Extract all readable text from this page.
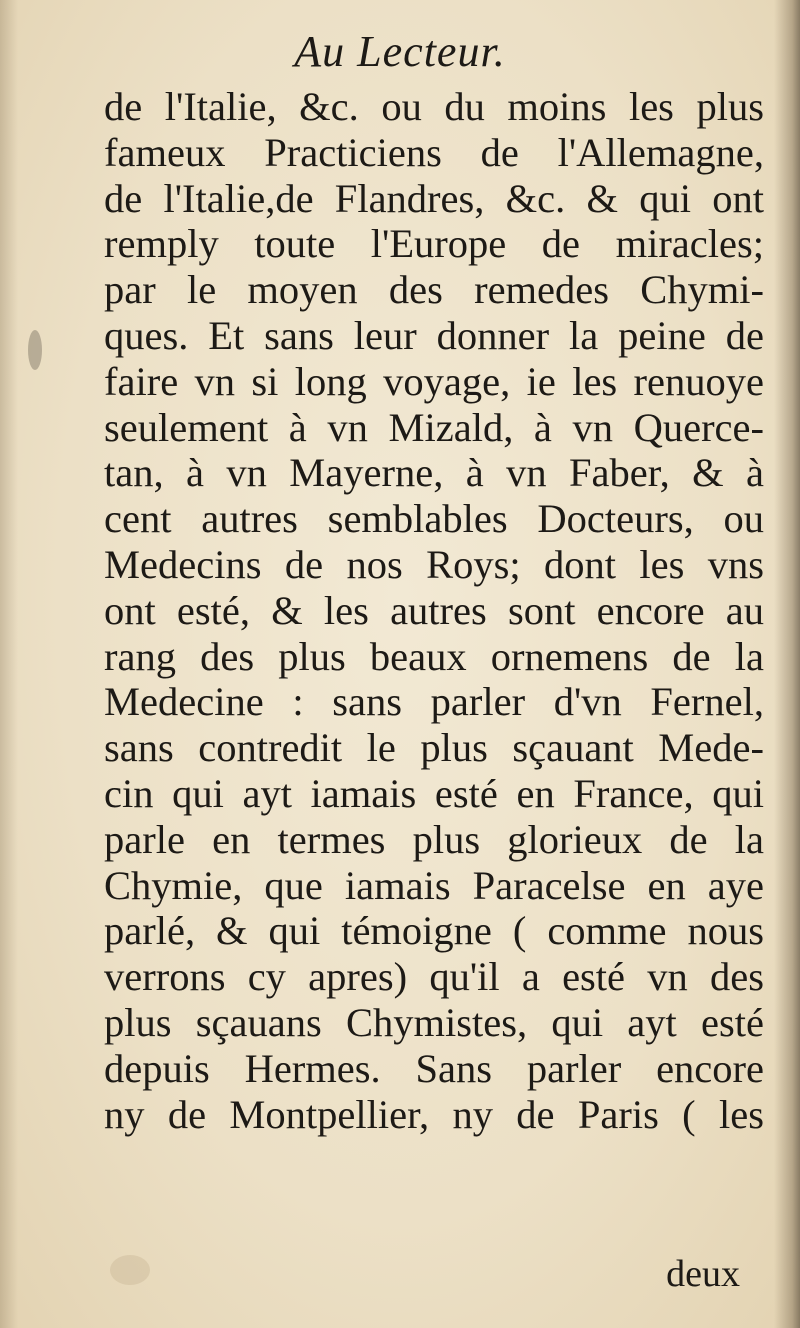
Au Lecteur.
de l'Italie, &c. ou du moins les plus
fameux Practiciens de l'Allemagne,
de l'Italie,de Flandres, &c. & qui ont
remply toute l'Europe de miracles;
par le moyen des remedes Chymi-
ques. Et sans leur donner la peine de
faire vn si long voyage, ie les renuoye
seulement à vn Mizald, à vn Querce-
tan, à vn Mayerne, à vn Faber, & à
cent autres semblables Docteurs, ou
Medecins de nos Roys; dont les vns
ont esté, & les autres sont encore au
rang des plus beaux ornemens de la
Medecine : sans parler d'vn Fernel,
sans contredit le plus sçauant Mede-
cin qui ayt iamais esté en France, qui
parle en termes plus glorieux de la
Chymie, que iamais Paracelse en aye
parlé, & qui témoigne ( comme nous
verrons cy apres) qu'il a esté vn des
plus sçauans Chymistes, qui ayt esté
depuis Hermes. Sans parler encore
ny de Montpellier, ny de Paris ( les
deux
